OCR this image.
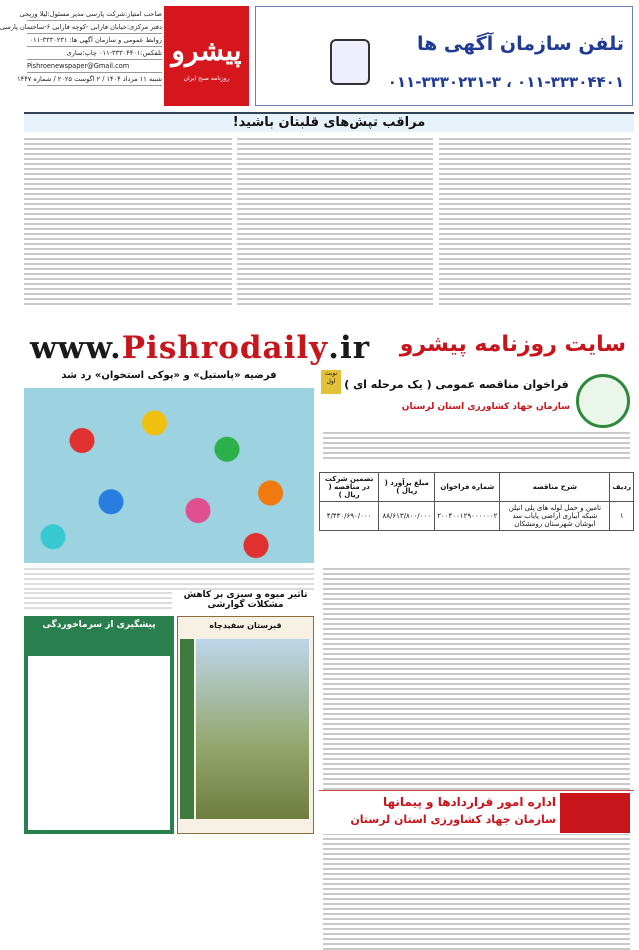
صاحب امتیاز:شرکت پارسی مدیر مسئول:لیلا وریجی
دفتر مرکزی:خیابان فارابی -کوچه فارابی ۶-ساختمان پارسی
روابط عمومی و سازمان آگهی ها: ۳۳۳۰۲۳۱-۰۱۱
تلفکس:۳۳۳۰۴۴۰۱-۰۱۱ چاپ:ساری
Pishroenewspaper@Gmail.com
شنبه ۱۱ مرداد ۱۴۰۴ / ۲ اگوست ۲۰۲۵ / شماره ۱۴۴۷
پیشرو
روزنامه صبح ایران
تلفن سازمان آگهی ها
۰۱۱-۳۳۳۰۲۳۱-۳ ، ۰۱۱-۳۳۳۰۴۴۰۱
مراقب تپش‌های قلبتان باشید!
www.Pishrodaily.ir سایت روزنامه پیشرو
فرضیه «پاستیل» و «پوکی استخوان» رد شد
تاثیر میوه و سبزی بر کاهش مشکلات گوارشی
پیشگیری از سرماخوردگی	قبرستان سفیدچاه
نوبت اول فراخوان مناقصه عمومی ( یک مرحله ای )
سازمان جهاد کشاورزی استان لرستان
ردیف	شرح مناقصه	شماره فراخوان	مبلغ برآورد ( ریال )	تضمین شرکت در مناقصه ( ریال )
۱	تامین و حمل لوله های پلی اتیلن شبکه آبیاری اراضی پایاب سد ابوشان شهرستان رومشکان	۲۰۰۴۰۰۱۲۹۰۰۰۰۰۰۲	۸۸/۶۱۳/۸۰۰/۰۰۰	۴/۴۳۰/۶۹۰/۰۰۰
اداره امور قراردادها و پیمانها
سازمان جهاد کشاورزی استان لرستان
